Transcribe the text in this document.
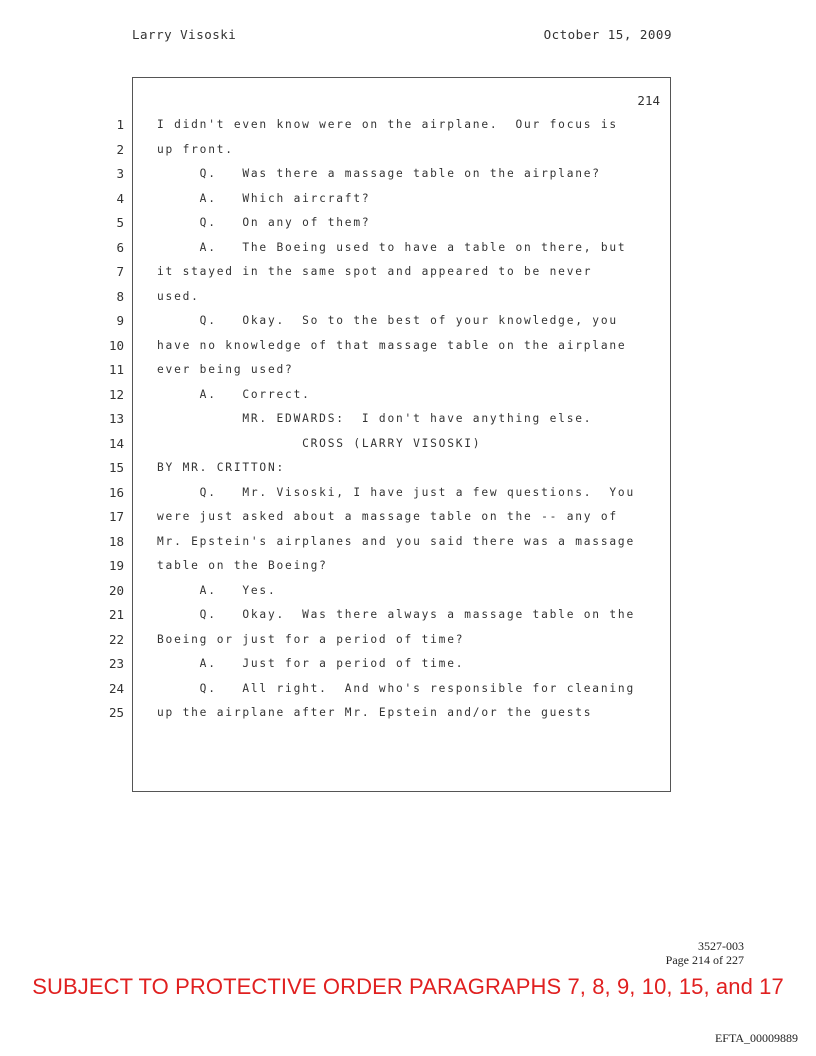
Larry Visoski	October 15, 2009
214
1
2
3
4
5
6
7
8
9
10
11
12
13
14
15
16
17
18
19
20
21
22
23
24
25
I didn't even know were on the airplane.  Our focus is
up front.
Q.   Was there a massage table on the airplane?
A.   Which aircraft?
Q.   On any of them?
A.   The Boeing used to have a table on there, but
it stayed in the same spot and appeared to be never
used.
Q.   Okay.  So to the best of your knowledge, you
have no knowledge of that massage table on the airplane
ever being used?
A.   Correct.
MR. EDWARDS:  I don't have anything else.
CROSS (LARRY VISOSKI)
BY MR. CRITTON:
Q.   Mr. Visoski, I have just a few questions.  You
were just asked about a massage table on the -- any of
Mr. Epstein's airplanes and you said there was a massage
table on the Boeing?
A.   Yes.
Q.   Okay.  Was there always a massage table on the
Boeing or just for a period of time?
A.   Just for a period of time.
Q.   All right.  And who's responsible for cleaning
up the airplane after Mr. Epstein and/or the guests
3527-003
Page 214 of 227
SUBJECT TO PROTECTIVE ORDER PARAGRAPHS 7, 8, 9, 10, 15, and 17
EFTA_00009889
